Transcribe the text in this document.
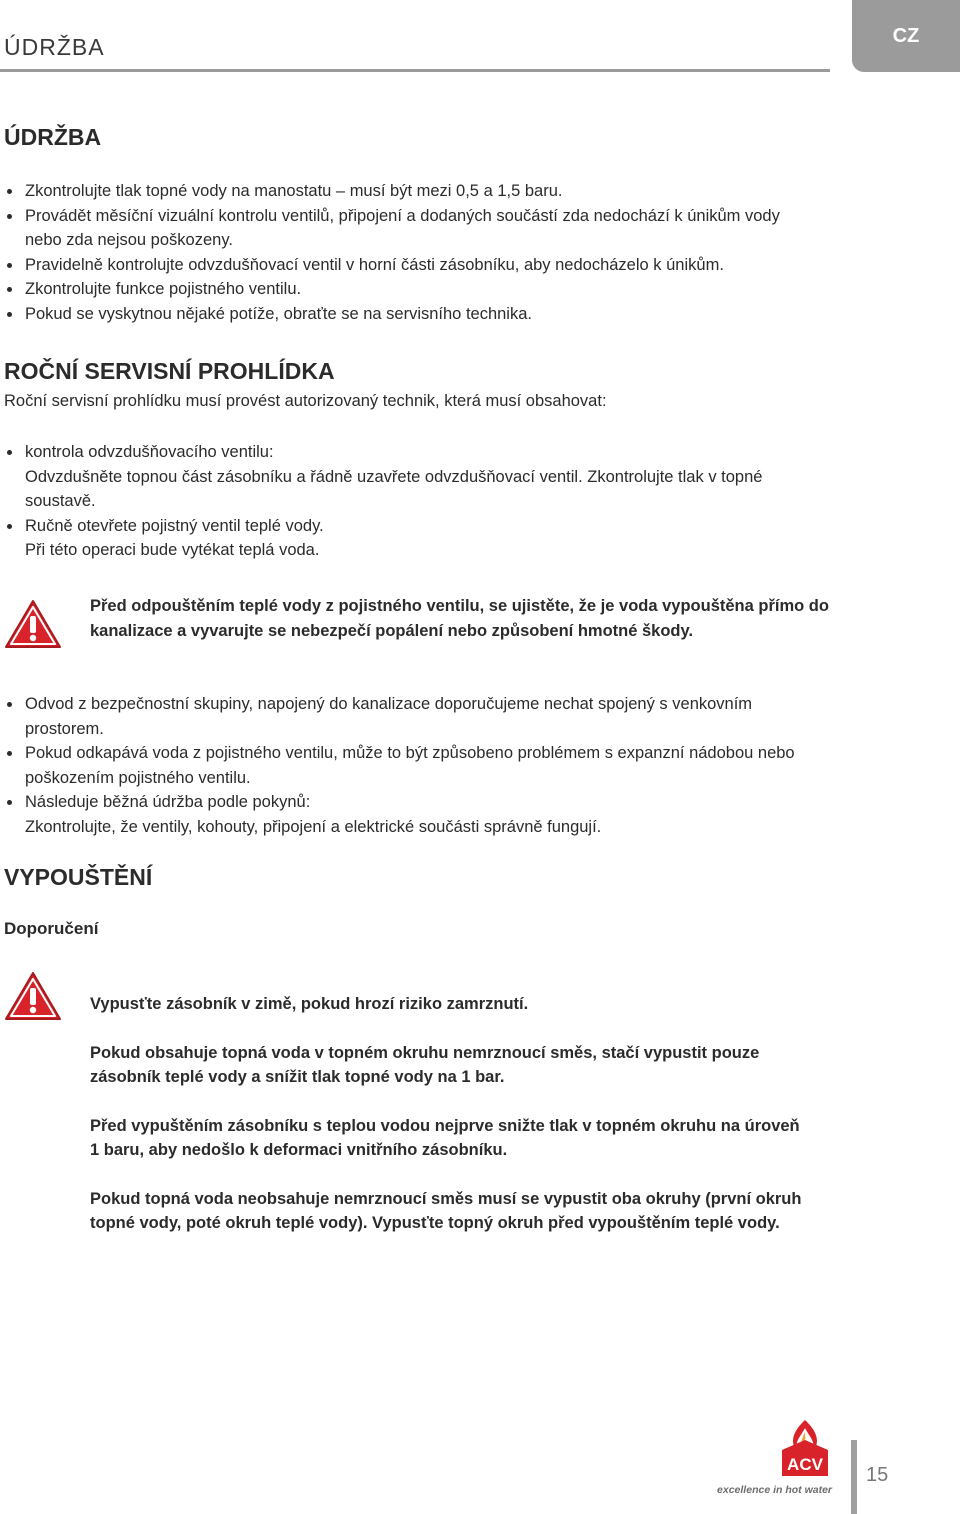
ÚDRŽBA	CZ
ÚDRŽBA
Zkontrolujte tlak topné vody na manostatu – musí být mezi 0,5 a 1,5 baru.
Provádět měsíční vizuální kontrolu ventilů, připojení a dodaných součástí zda nedochází k únikům vody nebo zda nejsou poškozeny.
Pravidelně kontrolujte odvzdušňovací ventil v horní části zásobníku, aby nedocházelo k únikům.
Zkontrolujte funkce pojistného ventilu.
Pokud se vyskytnou nějaké potíže, obraťte se na servisního technika.
ROČNÍ SERVISNÍ PROHLÍDKA

Roční servisní prohlídku musí provést autorizovaný technik, která musí obsahovat:

kontrola odvzdušňovacího ventilu:
Odvzdušněte topnou část zásobníku a řádně uzavřete odvzdušňovací ventil. Zkontrolujte tlak v topné soustavě.
Ručně otevřete pojistný ventil teplé vody.
Při této operaci bude vytékat teplá voda.

Před odpouštěním teplé vody z pojistného ventilu, se ujistěte, že je voda vypouštěna přímo do kanalizace a vyvarujte se nebezpečí popálení nebo způsobení hmotné škody.

Odvod z bezpečnostní skupiny, napojený do kanalizace doporučujeme nechat spojený s venkovním prostorem.
Pokud odkapává voda z pojistného ventilu, může to být způsobeno problémem s expanzní nádobou nebo poškozením pojistného ventilu.
Následuje běžná údržba podle pokynů:
Zkontrolujte, že ventily, kohouty, připojení a elektrické součásti správně fungují.
VYPOUŠTĚNÍ
Doporučení

Vypusťte zásobník v zimě, pokud hrozí riziko zamrznutí.

Pokud obsahuje topná voda v topném okruhu nemrznoucí směs, stačí vypustit pouze zásobník teplé vody a snížit tlak topné vody na 1 bar.

Před vypuštěním zásobníku s teplou vodou nejprve snižte tlak v topném okruhu na úroveň 1 baru, aby nedošlo k deformaci vnitřního zásobníku.

Pokud topná voda neobsahuje nemrznoucí směs musí se vypustit oba okruhy (první okruh topné vody, poté okruh teplé vody). Vypusťte topný okruh před vypouštěním teplé vody.

ACV
excellence in hot water
15
